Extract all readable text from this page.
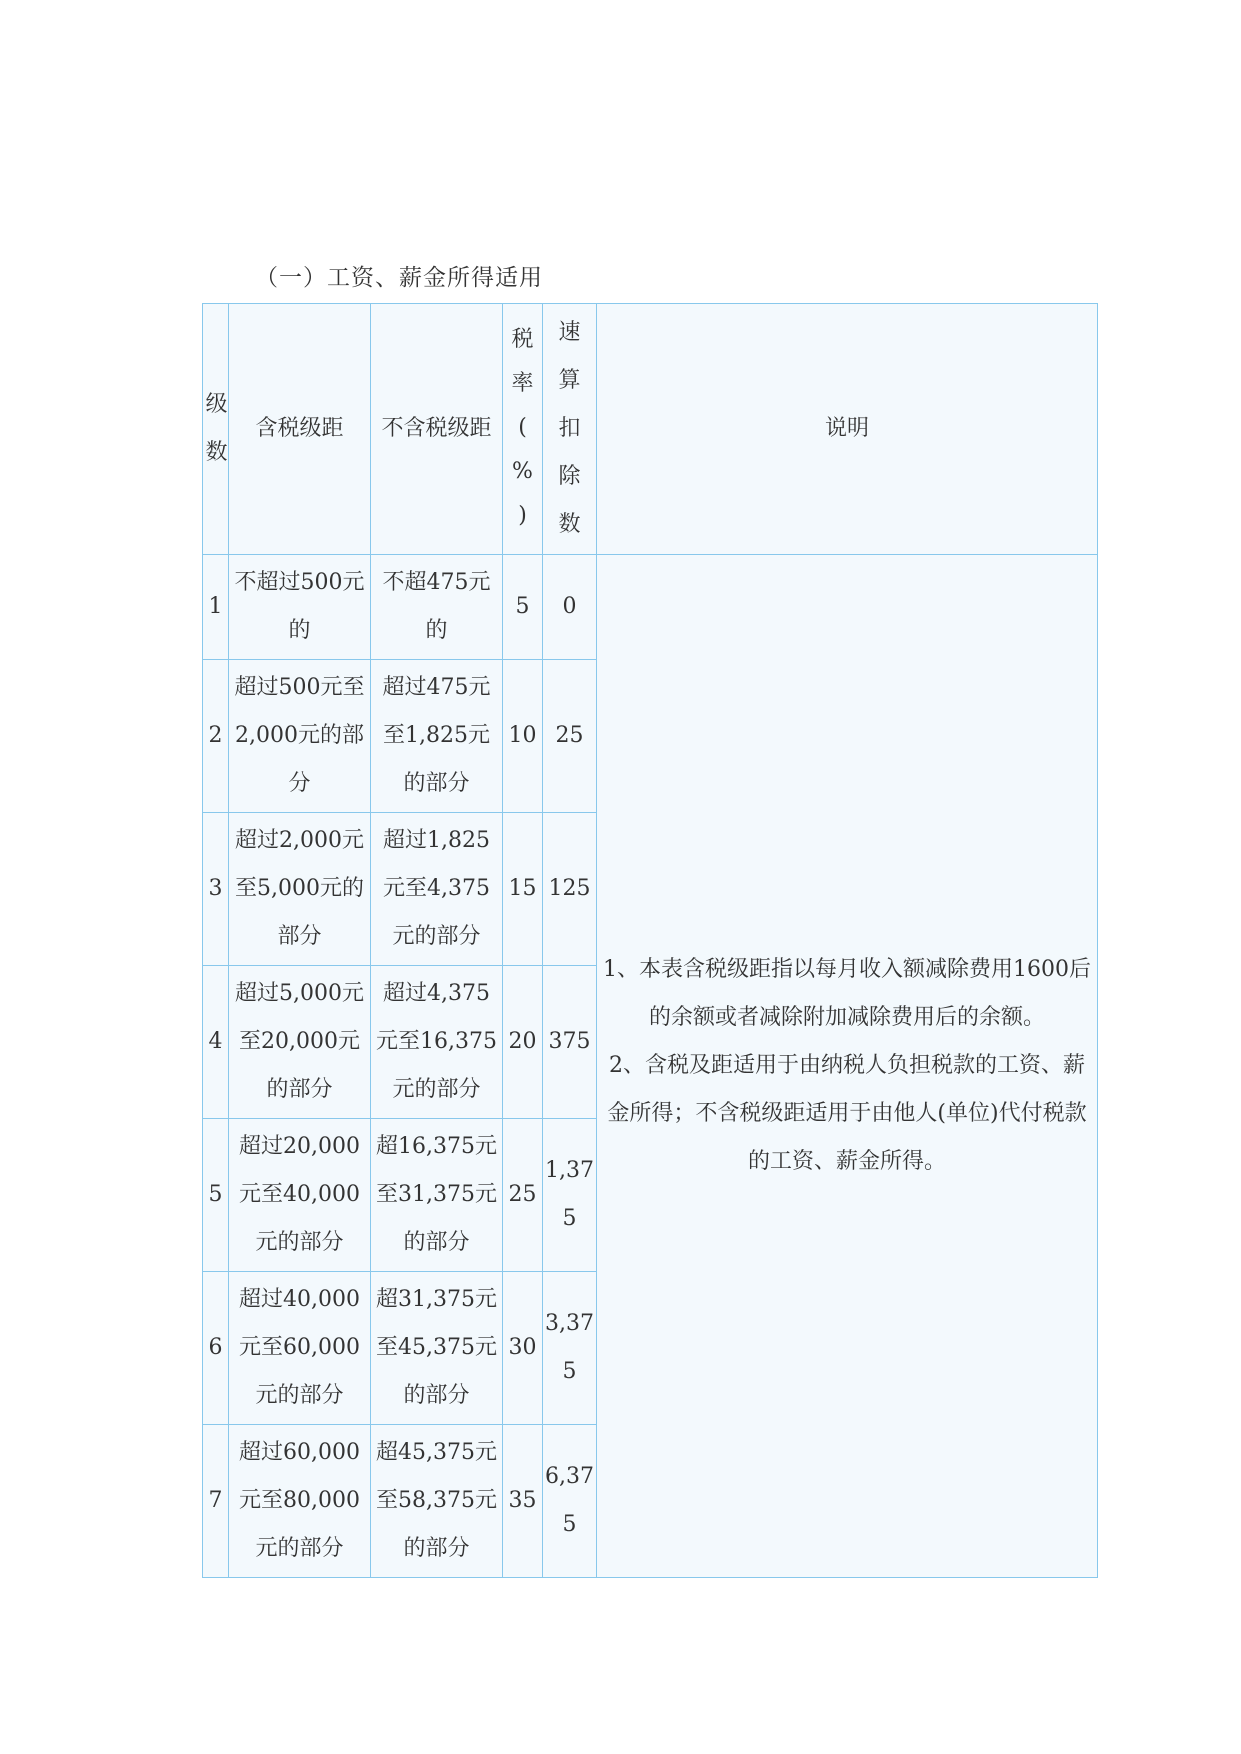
（一）工资、薪金所得适用
级数	含税级距	不含税级距	税率(%)	速算扣除数	说明
1	不超过500元的	不超475元的	5	0	1、本表含税级距指以每月收入额减除费用1600后的余额或者减除附加减除费用后的余额。
2、含税及距适用于由纳税人负担税款的工资、薪金所得；不含税级距适用于由他人(单位)代付税款的工资、薪金所得。

2	超过500元至2,000元的部分	超过475元至1,825元的部分	10	25	
3	超过2,000元至5,000元的部分	超过1,825元至4,375元的部分	15	125	
4	超过5,000元至20,000元的部分	超过4,375元至16,375元的部分	20	375	
5	超过20,000元至40,000元的部分	超16,375元至31,375元的部分	25	1,375	
6	超过40,000元至60,000元的部分	超31,375元至45,375元的部分	30	3,375	
7	超过60,000元至80,000元的部分	超45,375元至58,375元的部分	35	6,375	
